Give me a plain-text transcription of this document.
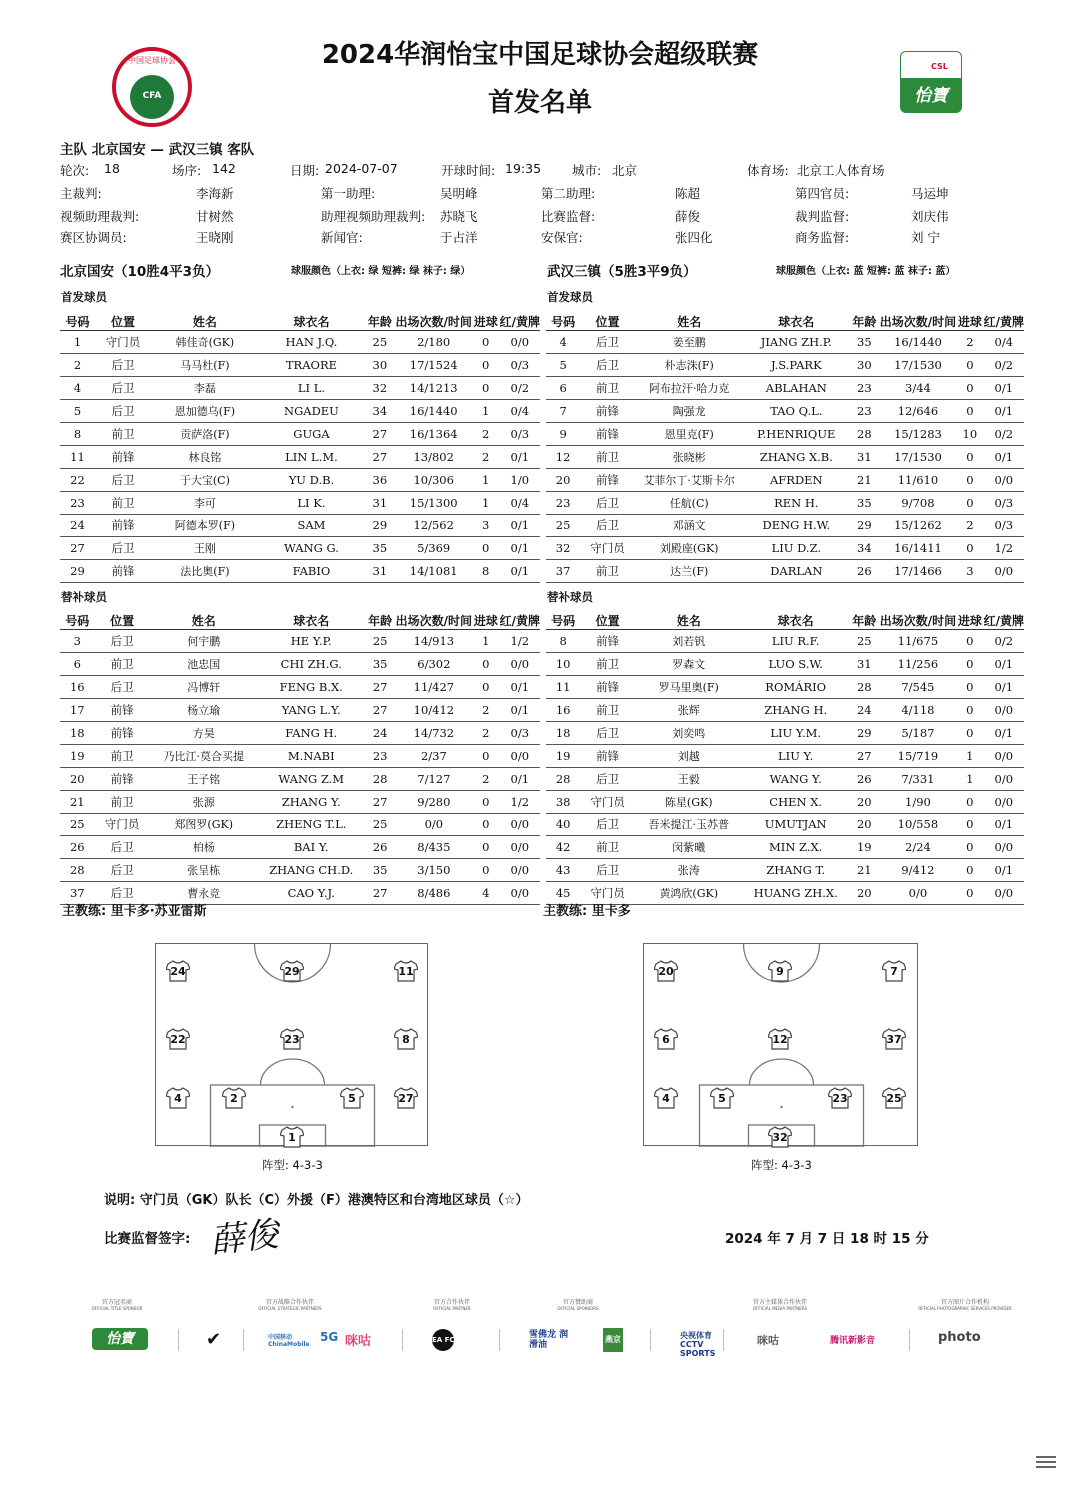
2024华润怡宝中国足球协会超级联赛
首发名单
中国足球协会
CFA
CSL
怡寶
主队 北京国安 — 武汉三镇 客队
轮次: 18	场序: 142	日期: 2024-07-07	开球时间: 19:35 城市: 北京	体育场: 北京工人体育场
主裁判:	李海新	第一助理:	吴明峰	第二助理:	陈超	第四官员:	马运坤
视频助理裁判:	甘树然	助理视频助理裁判: 苏晓飞	比赛监督:	薛俊	裁判监督:	刘庆伟
赛区协调员:	王晓刚	新闻官:	于占洋	安保官:	张四化	商务监督:	刘 宁
北京国安（10胜4平3负）	球服颜色（上衣: 绿 短裤: 绿 袜子: 绿）	武汉三镇（5胜3平9负）	球服颜色（上衣: 蓝 短裤: 蓝 袜子: 蓝）
首发球员	首发球员
替补球员	替补球员
号码	位置	姓名	球衣名	年龄	出场次数/时间	进球	红/黄牌
1	守门员	韩佳奇(GK)	HAN J.Q.	25	2/180	0	0/0
2	后卫	马马杜(F)	TRAORE	30	17/1524	0	0/3
4	后卫	李磊	LI L.	32	14/1213	0	0/2
5	后卫	恩加德乌(F)	NGADEU	34	16/1440	1	0/4
8	前卫	贡萨洛(F)	GUGA	27	16/1364	2	0/3
11	前锋	林良铭	LIN L.M.	27	13/802	2	0/1
22	后卫	于大宝(C)	YU D.B.	36	10/306	1	1/0
23	前卫	李可	LI K.	31	15/1300	1	0/4
24	前锋	阿德本罗(F)	SAM	29	12/562	3	0/1
27	后卫	王刚	WANG G.	35	5/369	0	0/1
29	前锋	法比奥(F)	FABIO	31	14/1081	8	0/1
号码	位置	姓名	球衣名	年龄	出场次数/时间	进球	红/黄牌
4	后卫	姜至鹏	JIANG ZH.P.	35	16/1440	2	0/4
5	后卫	朴志洙(F)	J.S.PARK	30	17/1530	0	0/2
6	前卫	阿布拉汗·哈力克	ABLAHAN	23	3/44	0	0/1
7	前锋	陶强龙	TAO Q.L.	23	12/646	0	0/1
9	前锋	恩里克(F)	P.HENRIQUE	28	15/1283	10	0/2
12	前卫	张晓彬	ZHANG X.B.	31	17/1530	0	0/1
20	前锋	艾菲尔丁·艾斯卡尔	AFRDEN	21	11/610	0	0/0
23	后卫	任航(C)	REN H.	35	9/708	0	0/3
25	后卫	邓涵文	DENG H.W.	29	15/1262	2	0/3
32	守门员	刘殿座(GK)	LIU D.Z.	34	16/1411	0	1/2
37	前卫	达兰(F)	DARLAN	26	17/1466	3	0/0
号码	位置	姓名	球衣名	年龄	出场次数/时间	进球	红/黄牌
3	后卫	何宇鹏	HE Y.P.	25	14/913	1	1/2
6	前卫	池忠国	CHI ZH.G.	35	6/302	0	0/0
16	后卫	冯博轩	FENG B.X.	27	11/427	0	0/1
17	前锋	杨立瑜	YANG L.Y.	27	10/412	2	0/1
18	前锋	方昊	FANG H.	24	14/732	2	0/3
19	前卫	乃比江·莫合买提	M.NABI	23	2/37	0	0/0
20	前锋	王子铭	WANG Z.M	28	7/127	2	0/1
21	前卫	张源	ZHANG Y.	27	9/280	0	1/2
25	守门员	郑图罗(GK)	ZHENG T.L.	25	0/0	0	0/0
26	后卫	柏杨	BAI Y.	26	8/435	0	0/0
28	后卫	张呈栋	ZHANG CH.D.	35	3/150	0	0/0
37	后卫	曹永竞	CAO Y.J.	27	8/486	4	0/0
号码	位置	姓名	球衣名	年龄	出场次数/时间	进球	红/黄牌
8	前锋	刘若钒	LIU R.F.	25	11/675	0	0/2
10	前卫	罗森文	LUO S.W.	31	11/256	0	0/1
11	前锋	罗马里奥(F)	ROMÁRIO	28	7/545	0	0/1
16	前卫	张辉	ZHANG H.	24	4/118	0	0/0
18	后卫	刘奕鸣	LIU Y.M.	29	5/187	0	0/1
19	前锋	刘越	LIU Y.	27	15/719	1	0/0
28	后卫	王毅	WANG Y.	26	7/331	1	0/0
38	守门员	陈星(GK)	CHEN X.	20	1/90	0	0/0
40	后卫	吾米提江·玉苏普	UMUTJAN	20	10/558	0	0/1
42	前卫	闵紫曦	MIN Z.X.	19	2/24	0	0/0
43	后卫	张涛	ZHANG T.	21	9/412	0	0/1
45	守门员	黄鸿欣(GK)	HUANG ZH.X.	20	0/0	0	0/0
主教练: 里卡多·苏亚雷斯	主教练: 里卡多
24	29	11
22	23	8
4	2	5	27
1
20	9	7
6	12	37
4	5	23	25
32
阵型: 4-3-3	阵型: 4-3-3
说明: 守门员（GK）队长（C）外援（F）港澳特区和台湾地区球员（☆）
比赛监督签字: 薛俊	2024 年 7 月 7 日 18 时 15 分
官方冠名商
OFFICIAL TITLE SPONSOR
官方战略合作伙伴
OFFICIAL STRATEGIC PARTNERS
官方合作伙伴
OFFICIAL PARTNER
官方赞助商
OFFICIAL SPONSORS
官方主媒体合作伙伴
OFFICIAL MEDIA PARTNERS
官方图片合作机构
OFFICIAL PHOTOGRAPHIC SERVICES PROVIDER
怡寶	✔	中国移动 ChinaMobile
5G 咪咕	EA FC	雪佛龙 润滑油
燕京	央视体育 CCTV SPORTS
咪咕	腾讯新影音	photo
